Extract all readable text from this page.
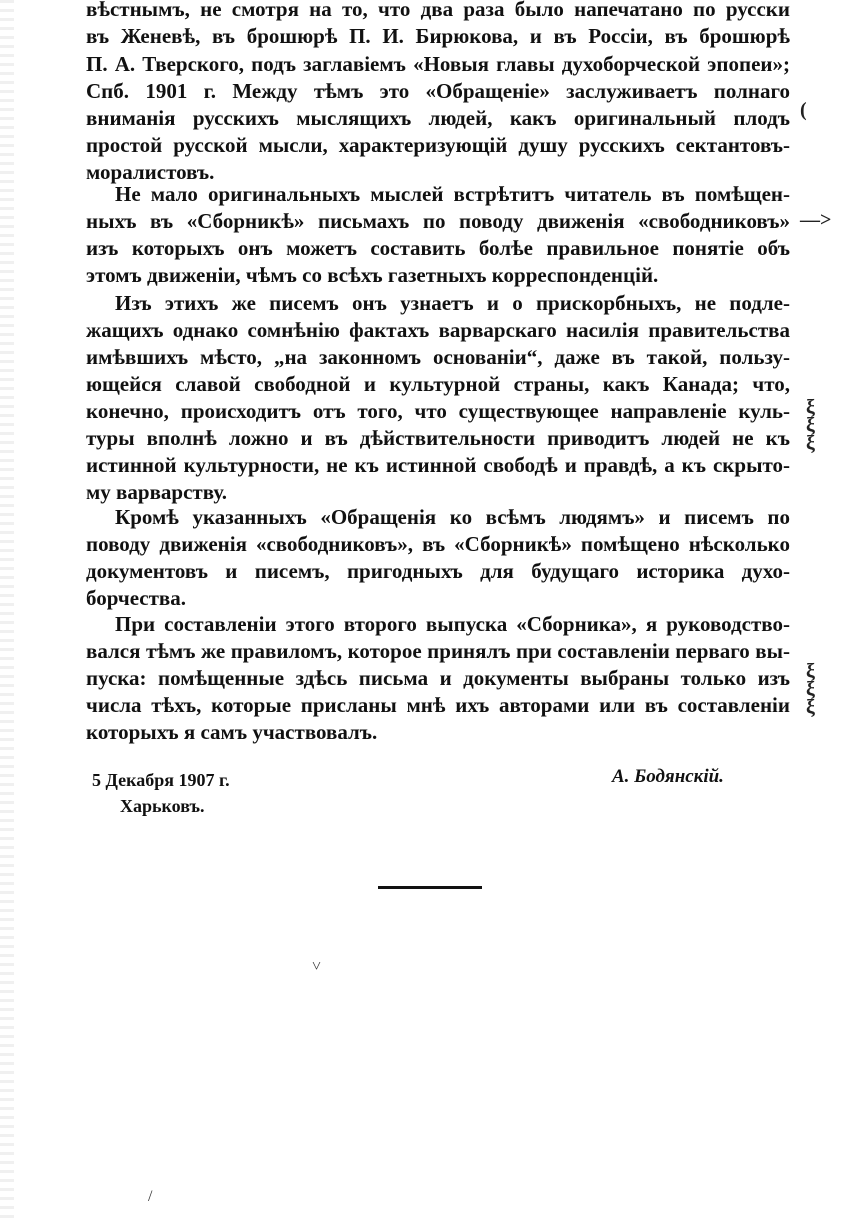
вѣстнымъ, не смотря на то, что два раза было напечатано по русски
въ Женевѣ, въ брошюрѣ П. И. Бирюкова, и въ Россіи, въ брошюрѣ
П. А. Тверского, подъ заглавіемъ «Новыя главы духоборческой эпопеи»;
Спб. 1901 г. Между тѣмъ это «Обращеніе» заслуживаетъ полнаго
вниманія русскихъ мыслящихъ людей, какъ оригинальный плодъ
простой русской мысли, характеризующій душу русскихъ сектантовъ-
моралистовъ.
Не мало оригинальныхъ мыслей встрѣтитъ читатель въ помѣщен-
ныхъ въ «Сборникѣ» письмахъ по поводу движенія «свободниковъ»
изъ которыхъ онъ можетъ составить болѣе правильное понятіе объ
этомъ движеніи, чѣмъ со всѣхъ газетныхъ корреспонденцій.
Изъ этихъ же писемъ онъ узнаетъ и о прискорбныхъ, не подле-
жащихъ однако сомнѣнію фактахъ варварскаго насилія правительства
имѣвшихъ мѣсто, „на законномъ основаніи“, даже въ такой, пользу-
ющейся славой свободной и культурной страны, какъ Канада; что,
конечно, происходитъ отъ того, что существующее направленіе куль-
туры вполнѣ ложно и въ дѣйствительности приводитъ людей не къ
истинной культурности, не къ истинной свободѣ и правдѣ, а къ скрыто-
му варварству.
Кромѣ указанныхъ «Обращенія ко всѣмъ людямъ» и писемъ по
поводу движенія «свободниковъ», въ «Сборникѣ» помѣщено нѣсколько
документовъ и писемъ, пригодныхъ для будущаго историка духо-
борчества.
При составленіи этого второго выпуска «Сборника», я руководство-
вался тѣмъ же правиломъ, которое принялъ при составленіи перваго вы-
пуска: помѣщенные здѣсь письма и документы выбраны только изъ
числа тѣхъ, которые присланы мнѣ ихъ авторами или въ составленіи
которыхъ я самъ участвовалъ.
(
—>
ξ
ξ
ξ
ξ
ξ
ξ
5 Декабря 1907 г.
Харьковъ.
А. Бодянскій.
˅
/
